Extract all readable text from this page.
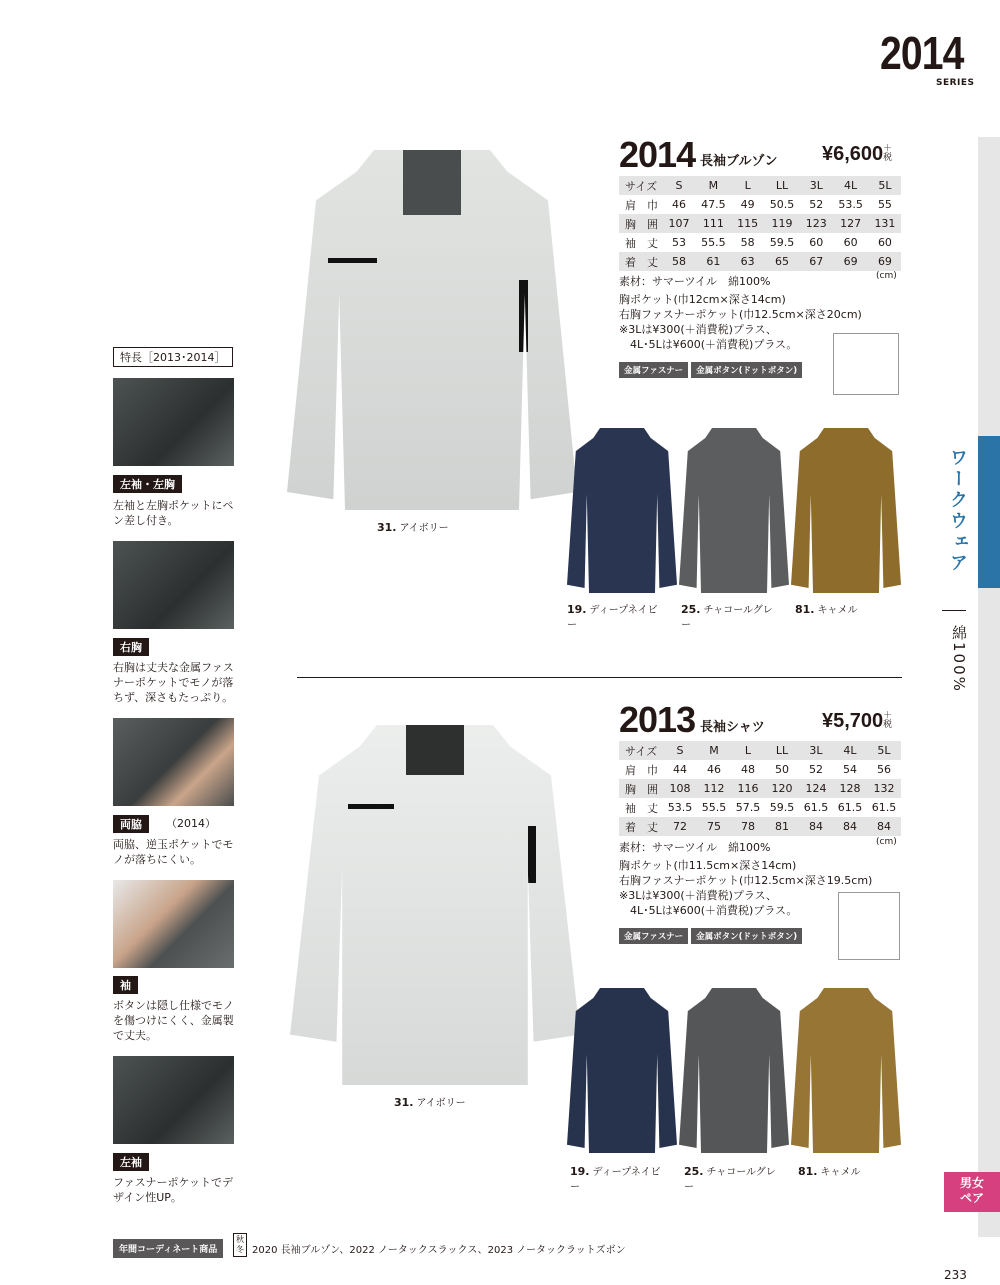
2014
SERIES
ワークウェア
綿100%
男女
ペア
233
特長［2013･2014］
左袖・左胸
左袖と左胸ポケットにペン差し付き。
右胸
右胸は丈夫な金属ファスナーポケットでモノが落ちず、深さもたっぷり。
両脇	（2014）
両脇、逆玉ポケットでモノが落ちにくい。
袖
ボタンは隠し仕様でモノを傷つけにくく、金属製で丈夫。
左袖
ファスナーポケットでデザイン性UP。
31. アイボリー
2014 長袖ブルゾン ¥6,600＋
税
サイズ	S	M	L	LL	3L	4L	5L
肩　巾	46	47.5	49	50.5	52	53.5	55
胸　囲	107	111	115	119	123	127	131
袖　丈	53	55.5	58	59.5	60	60	60
着　丈	58	61	63	65	67	69	69
(cm)
素材：サマーツイル　綿100%
胸ポケット(巾12cm×深さ14cm)
右胸ファスナーポケット(巾12.5cm×深さ20cm)
※3Lは¥300(＋消費税)プラス、
　4L･5Lは¥600(＋消費税)プラス。
金属ファスナー 金属ボタン(ドットボタン)
19. ディープネイビー
25. チャコールグレー
81. キャメル
31. アイボリー
2013 長袖シャツ	¥5,700＋
税
サイズ	S	M	L	LL	3L	4L	5L
肩　巾	44	46	48	50	52	54	56
胸　囲	108	112	116	120	124	128	132
袖　丈	53.5	55.5	57.5	59.5	61.5	61.5	61.5
着　丈	72	75	78	81	84	84	84
(cm)
素材：サマーツイル　綿100%
胸ポケット(巾11.5cm×深さ14cm)
右胸ファスナーポケット(巾12.5cm×深さ19.5cm)
※3Lは¥300(＋消費税)プラス、
　4L･5Lは¥600(＋消費税)プラス。
金属ファスナー 金属ボタン(ドットボタン)
19. ディープネイビー
25. チャコールグレー
81. キャメル
年間コーディネート商品
秋冬 2020 長袖ブルゾン、2022 ノータックスラックス、2023 ノータックラットズボン
